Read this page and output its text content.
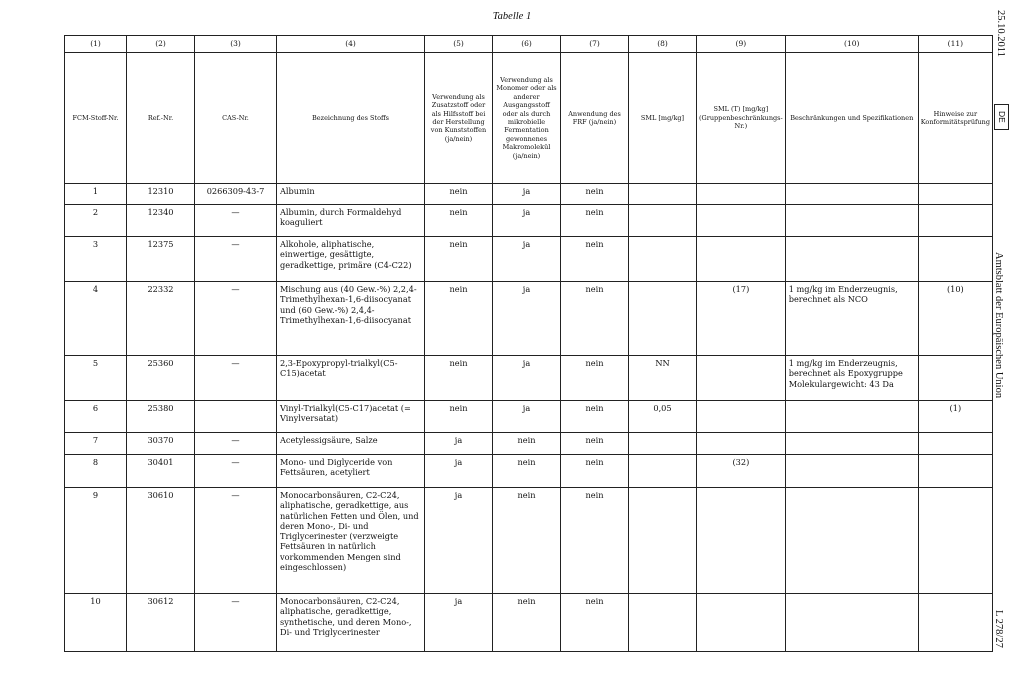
Tabelle 1
(1)	(2)	(3)	(4)	(5)	(6)	(7)	(8)	(9)	(10)	(11)
FCM-Stoff-Nr.	Ref.-Nr.	CAS-Nr.	Bezeichnung des Stoffs	Verwendung als Zusatzstoff oder als Hilfsstoff bei der Herstellung von Kunststoffen (ja/nein)	Verwendung als Monomer oder als anderer Ausgangsstoff oder als durch mikrobielle Fermentation gewonnenes Makromolekül (ja/nein)	Anwendung des FRF (ja/nein)	SML [mg/kg]	SML (T) [mg/kg] (Gruppenbeschränkungs-Nr.)	Beschränkungen und Spezifikationen	Hinweise zur Konformitätsprüfung
1	12310	0266309-43-7	Albumin	nein	ja	nein				
2	12340	—	Albumin, durch Formaldehyd koaguliert	nein	ja	nein				
3	12375	—	Alkohole, aliphatische, einwertige, gesättigte, geradkettige, primäre (C4-C22)	nein	ja	nein				
4	22332	—	Mischung aus (40 Gew.-%) 2,2,4-Trimethylhexan-1,6-diisocyanat und (60 Gew.-%) 2,4,4-Trimethylhexan-1,6-diisocyanat	nein	ja	nein		(17)	1 mg/kg im Enderzeugnis, berechnet als NCO	(10)
5	25360	—	2,3-Epoxypropyl-trialkyl(C5-C15)acetat	nein	ja	nein	NN		1 mg/kg im Enderzeugnis, berechnet als Epoxygruppe Molekulargewicht: 43 Da	
6	25380		Vinyl-Trialkyl(C5-C17)acetat (= Vinylversatat)	nein	ja	nein	0,05			(1)
7	30370	—	Acetylessigsäure, Salze	ja	nein	nein				
8	30401	—	Mono- und Diglyceride von Fettsäuren, acetyliert	ja	nein	nein		(32)		
9	30610	—	Monocarbonsäuren, C2-C24, aliphatische, geradkettige, aus natürlichen Fetten und Ölen, und deren Mono-, Di- und Triglycerinester (verzweigte Fettsäuren in natürlich vorkommenden Mengen sind eingeschlossen)	ja	nein	nein				
10	30612	—	Monocarbonsäuren, C2-C24, aliphatische, geradkettige, synthetische, und deren Mono-, Di- und Triglycerinester	ja	nein	nein				
25.10.2011
DE
Amtsblatt der Europäischen Union
L 278/27
